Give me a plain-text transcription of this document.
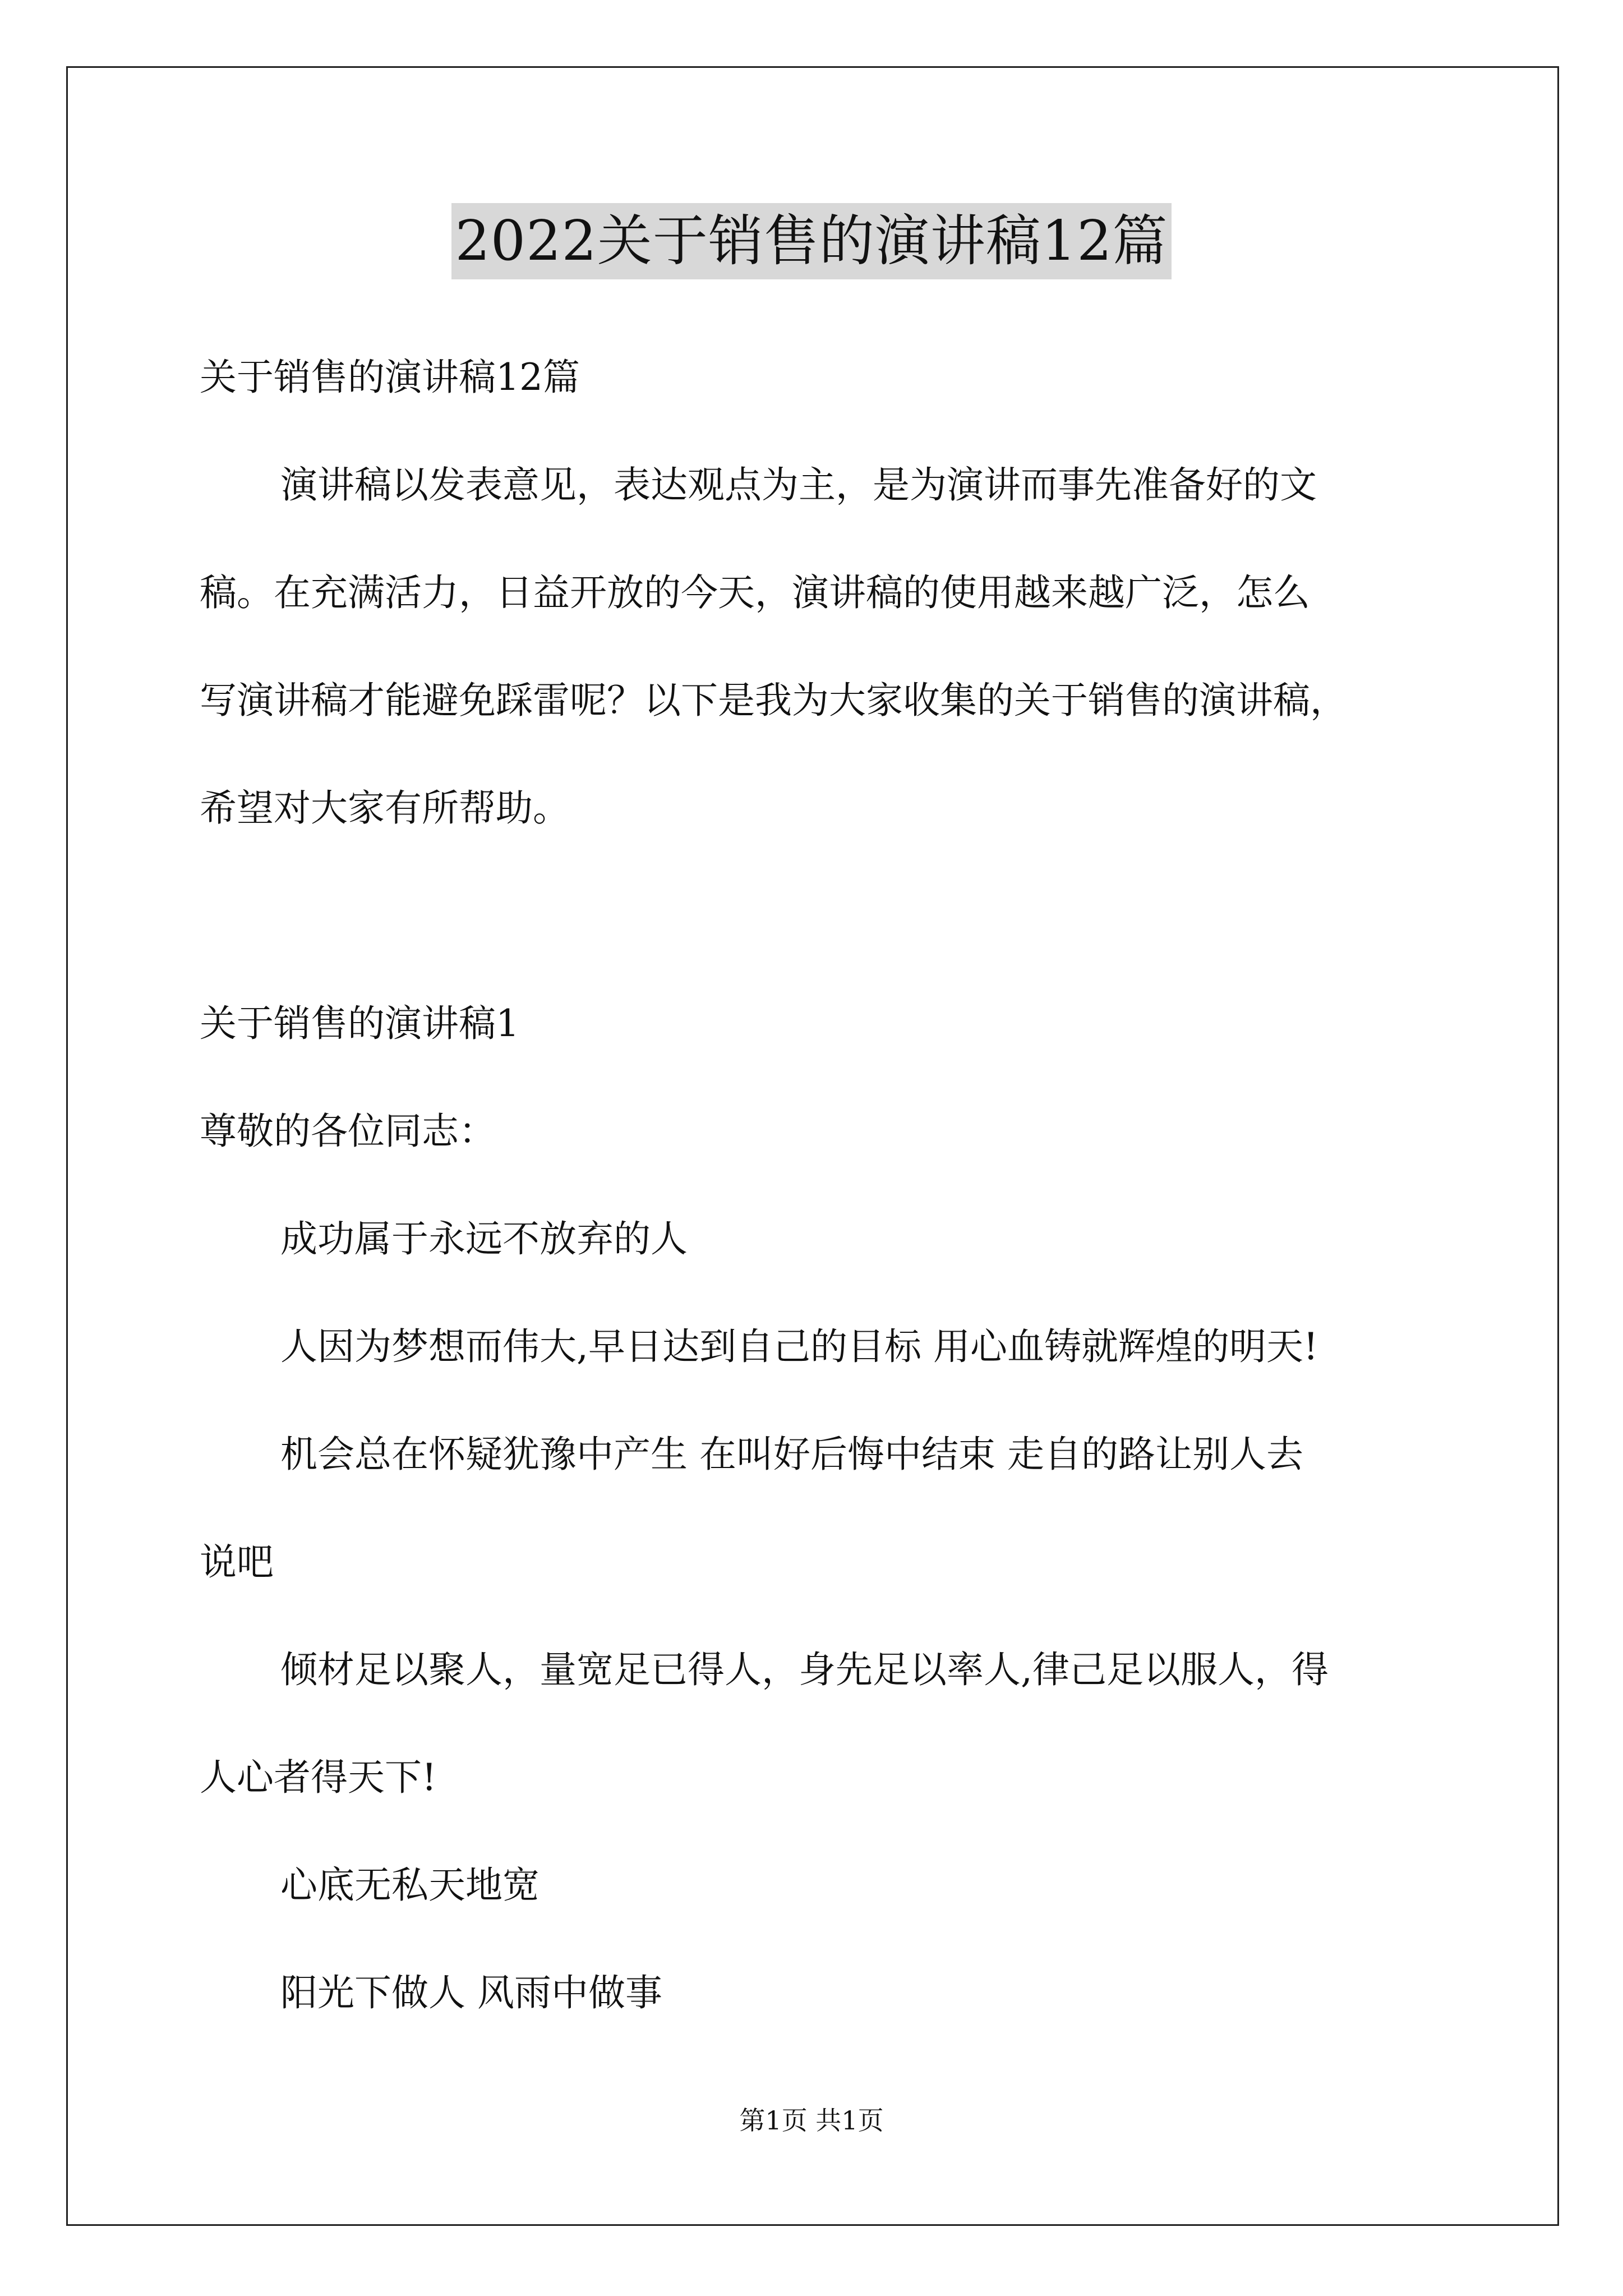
2022关于销售的演讲稿12篇
关于销售的演讲稿12篇
演讲稿以发表意见，表达观点为主，是为演讲而事先准备好的文
稿。在充满活力，日益开放的今天，演讲稿的使用越来越广泛，怎么
写演讲稿才能避免踩雷呢？以下是我为大家收集的关于销售的演讲稿，
希望对大家有所帮助。
关于销售的演讲稿1
尊敬的各位同志：
成功属于永远不放弃的人
人因为梦想而伟大,早日达到自己的目标 用心血铸就辉煌的明天!
机会总在怀疑犹豫中产生 在叫好后悔中结束 走自的路让别人去
说吧
倾材足以聚人，量宽足已得人，身先足以率人,律己足以服人，得
人心者得天下!
心底无私天地宽
阳光下做人 风雨中做事
第1页 共1页
